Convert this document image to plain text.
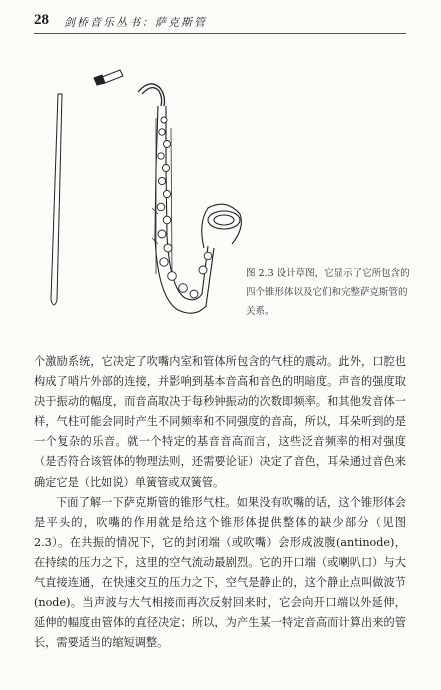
28 剑桥音乐丛书：萨克斯管
图 2.3 设计草图，它显示了它所包含的四个锥形体以及它们和完整萨克斯管的关系。

个激励系统，它决定了吹嘴内室和管体所包含的气柱的震动。此外，口腔也构成了哨片外部的连接，并影响到基本音高和音色的明暗度。声音的强度取决于振动的幅度，而音高取决于每秒钟振动的次数即频率。和其他发音体一样，气柱可能会同时产生不同频率和不同强度的音高，所以，耳朵听到的是一个复杂的乐音。就一个特定的基音音高而言，这些泛音频率的相对强度（是否符合该管体的物理法则，还需要论证）决定了音色，耳朵通过音色来确定它是（比如说）单簧管或双簧管。

下面了解一下萨克斯管的锥形气柱。如果没有吹嘴的话，这个锥形体会是平头的，吹嘴的作用就是给这个锥形体提供整体的缺少部分（见图 2.3）。在共振的情况下，它的封闭端（或吹嘴）会形成波腹(antinode)，在持续的压力之下，这里的空气流动最剧烈。它的开口端（或喇叭口）与大气直接连通，在快速交互的压力之下，空气是静止的，这个静止点叫做波节(node)。当声波与大气相接而再次反射回来时，它会向开口端以外延伸，延伸的幅度由管体的直径决定；所以，为产生某一特定音高而计算出来的管长，需要适当的缩短调整。
